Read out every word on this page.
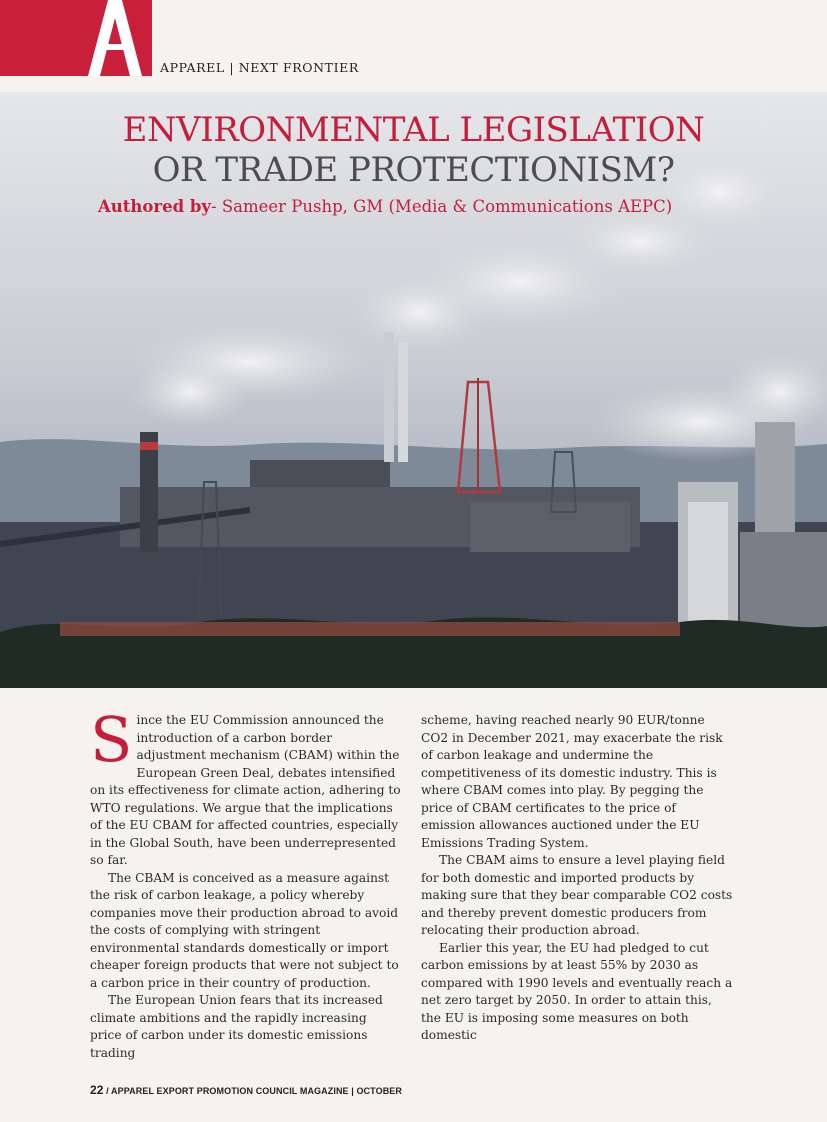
APPAREL | NEXT FRONTIER
ENVIRONMENTAL LEGISLATION
OR TRADE PROTECTIONISM?
Authored by- Sameer Pushp, GM (Media & Communications AEPC)

Since the EU Commission announced the introduction of a carbon border adjustment mechanism (CBAM) within the European Green Deal, debates intensified on its effectiveness for climate action, adhering to WTO regulations. We argue that the implications of the EU CBAM for affected countries, especially in the Global South, have been underrepresented so far.

The CBAM is conceived as a measure against the risk of carbon leakage, a policy whereby companies move their production abroad to avoid the costs of complying with stringent environmental standards domestically or import cheaper foreign products that were not subject to a carbon price in their country of production.

The European Union fears that its increased climate ambitions and the rapidly increasing price of carbon under its domestic emissions trading

scheme, having reached nearly 90 EUR/tonne CO2 in December 2021, may exacerbate the risk of carbon leakage and undermine the competitiveness of its domestic industry. This is where CBAM comes into play. By pegging the price of CBAM certificates to the price of emission allowances auctioned under the EU Emissions Trading System.

The CBAM aims to ensure a level playing field for both domestic and imported products by making sure that they bear comparable CO2 costs and thereby prevent domestic producers from relocating their production abroad.

Earlier this year, the EU had pledged to cut carbon emissions by at least 55% by 2030 as compared with 1990 levels and eventually reach a net zero target by 2050. In order to attain this, the EU is imposing some measures on both domestic

22 / APPAREL EXPORT PROMOTION COUNCIL MAGAZINE | OCTOBER
